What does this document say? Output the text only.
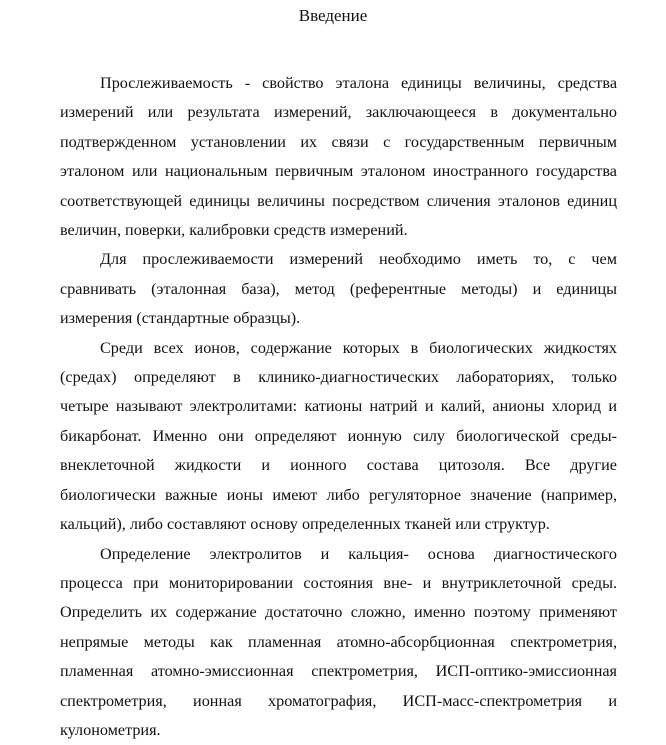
Введение

Прослеживаемость - свойство эталона единицы величины, средства
измерений или результата измерений, заключающееся в документально
подтвержденном установлении их связи с государственным первичным
эталоном или национальным первичным эталоном иностранного государства
соответствующей единицы величины посредством сличения эталонов единиц
величин, поверки, калибровки средств измерений.

Для прослеживаемости измерений необходимо иметь то, с чем
сравнивать (эталонная база), метод (референтные методы) и единицы
измерения (стандартные образцы).

Среди всех ионов, содержание которых в биологических жидкостях
(средах) определяют в клинико-диагностических лабораториях, только
четыре называют электролитами: катионы натрий и калий, анионы хлорид и
бикарбонат. Именно они определяют ионную силу биологической среды-
внеклеточной жидкости и ионного состава цитозоля. Все другие
биологически важные ионы имеют либо регуляторное значение (например,
кальций), либо составляют основу определенных тканей или структур.

Определение электролитов и кальция- основа диагностического
процесса при мониторировании состояния вне- и внутриклеточной среды.
Определить их содержание достаточно сложно, именно поэтому применяют
непрямые методы как пламенная атомно-абсорбционная спектрометрия,
пламенная атомно-эмиссионная спектрометрия, ИСП-оптико-эмиссионная
спектрометрия, ионная хроматография, ИСП-масс-спектрометрия и
кулонометрия.
